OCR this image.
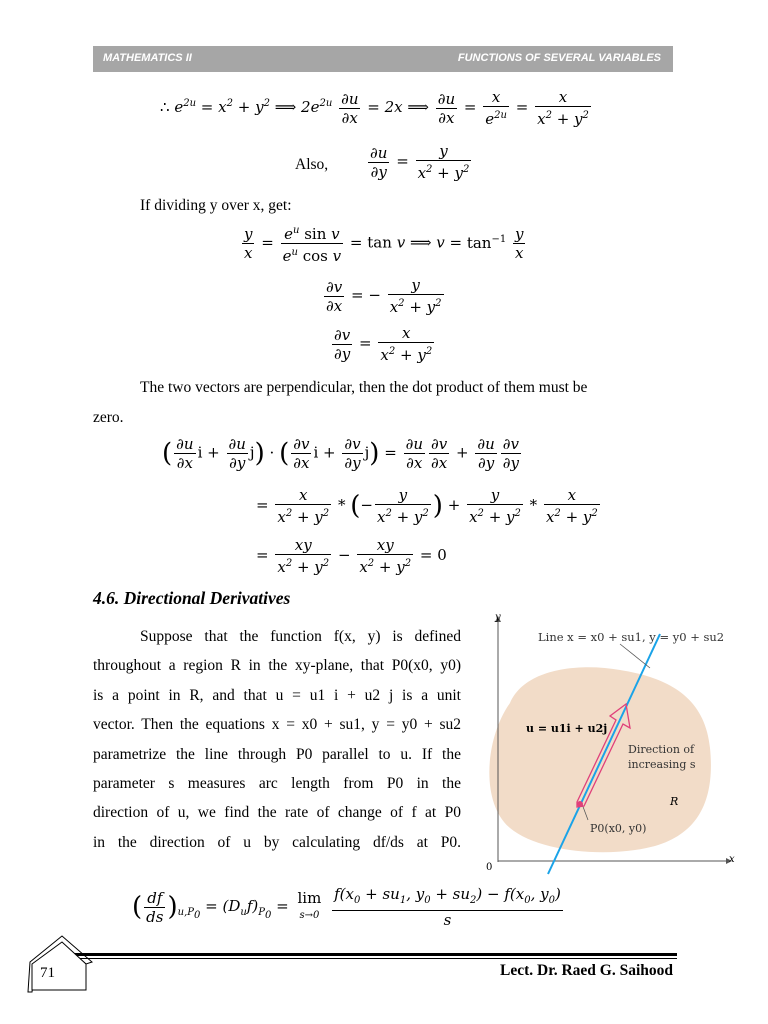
MATHEMATICS II	FUNCTIONS OF SEVERAL VARIABLES
∴ $e^{2u} = x^2 + y^2$ ⟹ $2e^{2u} \frac{\partial u}{\partial x} = 2x$ ⟹ $\frac{\partial u}{\partial x} = \frac{x}{e^{2u}} = \frac{x}{x^2 + y^2}$
Also,	$\frac{\partial u}{\partial y} = \frac{y}{x^2 + y^2}$
If dividing y over x, get:
$\frac{y}{x} = \frac{e^u \sin v}{e^u \cos v} = \tan v$ ⟹ $v = \tan^{-1} \frac{y}{x}$
$\frac{\partial v}{\partial x}$ = − $\frac{y}{x^2 + y^2}$
$\frac{\partial v}{\partial y} = \frac{x}{x^2 + y^2}$
The two vectors are perpendicular, then the dot product of them must be
zero.
( $\frac{\partial u}{\partial x}$ $i + \frac{\partial u}{\partial y} j$) · ( $\frac{\partial v}{\partial x}$ $i + \frac{\partial v}{\partial y} j) = \frac{\partial u}{\partial x} \frac{\partial v}{\partial x} + \frac{\partial u}{\partial y} \frac{\partial v}{\partial y}$
= $\frac{x}{x^2 + y^2}$ * (− $\frac{y}{x^2 + y^2}$ ) + $\frac{y}{x^2 + y^2} * \frac{x}{x^2 + y^2}$
= $\frac{xy}{x^2 + y^2} - \frac{xy}{x^2 + y^2} = 0$
4.6. Directional Derivatives
Suppose that the function f(x, y) is defined
throughout a region R in the xy-plane, that P0(x0, y0)
is a point in R, and that u = u1 i + u2 j is a unit
vector. Then the equations x = x0 + su1, y = y0 + su2
parametrize the line through P0 parallel to u. If the
parameter s measures arc length from P0 in the
direction of u, we find the rate of change of f at P0
in the direction of u by calculating df/ds at P0.
Line x = x0 + su1, y = y0 + su2
u = u1i + u2j
Direction of
increasing s
R
P0(x0, y0)
x
y
0
( $\frac{df}{ds} )_{u,P_0} = (D_uf)_{P_0} = \lim$
s→0
$\frac{f(x_0 + su_1, y_0 + su_2) - f(x_0, y_0)}{s}$
71	Lect. Dr. Raed G. Saihood
